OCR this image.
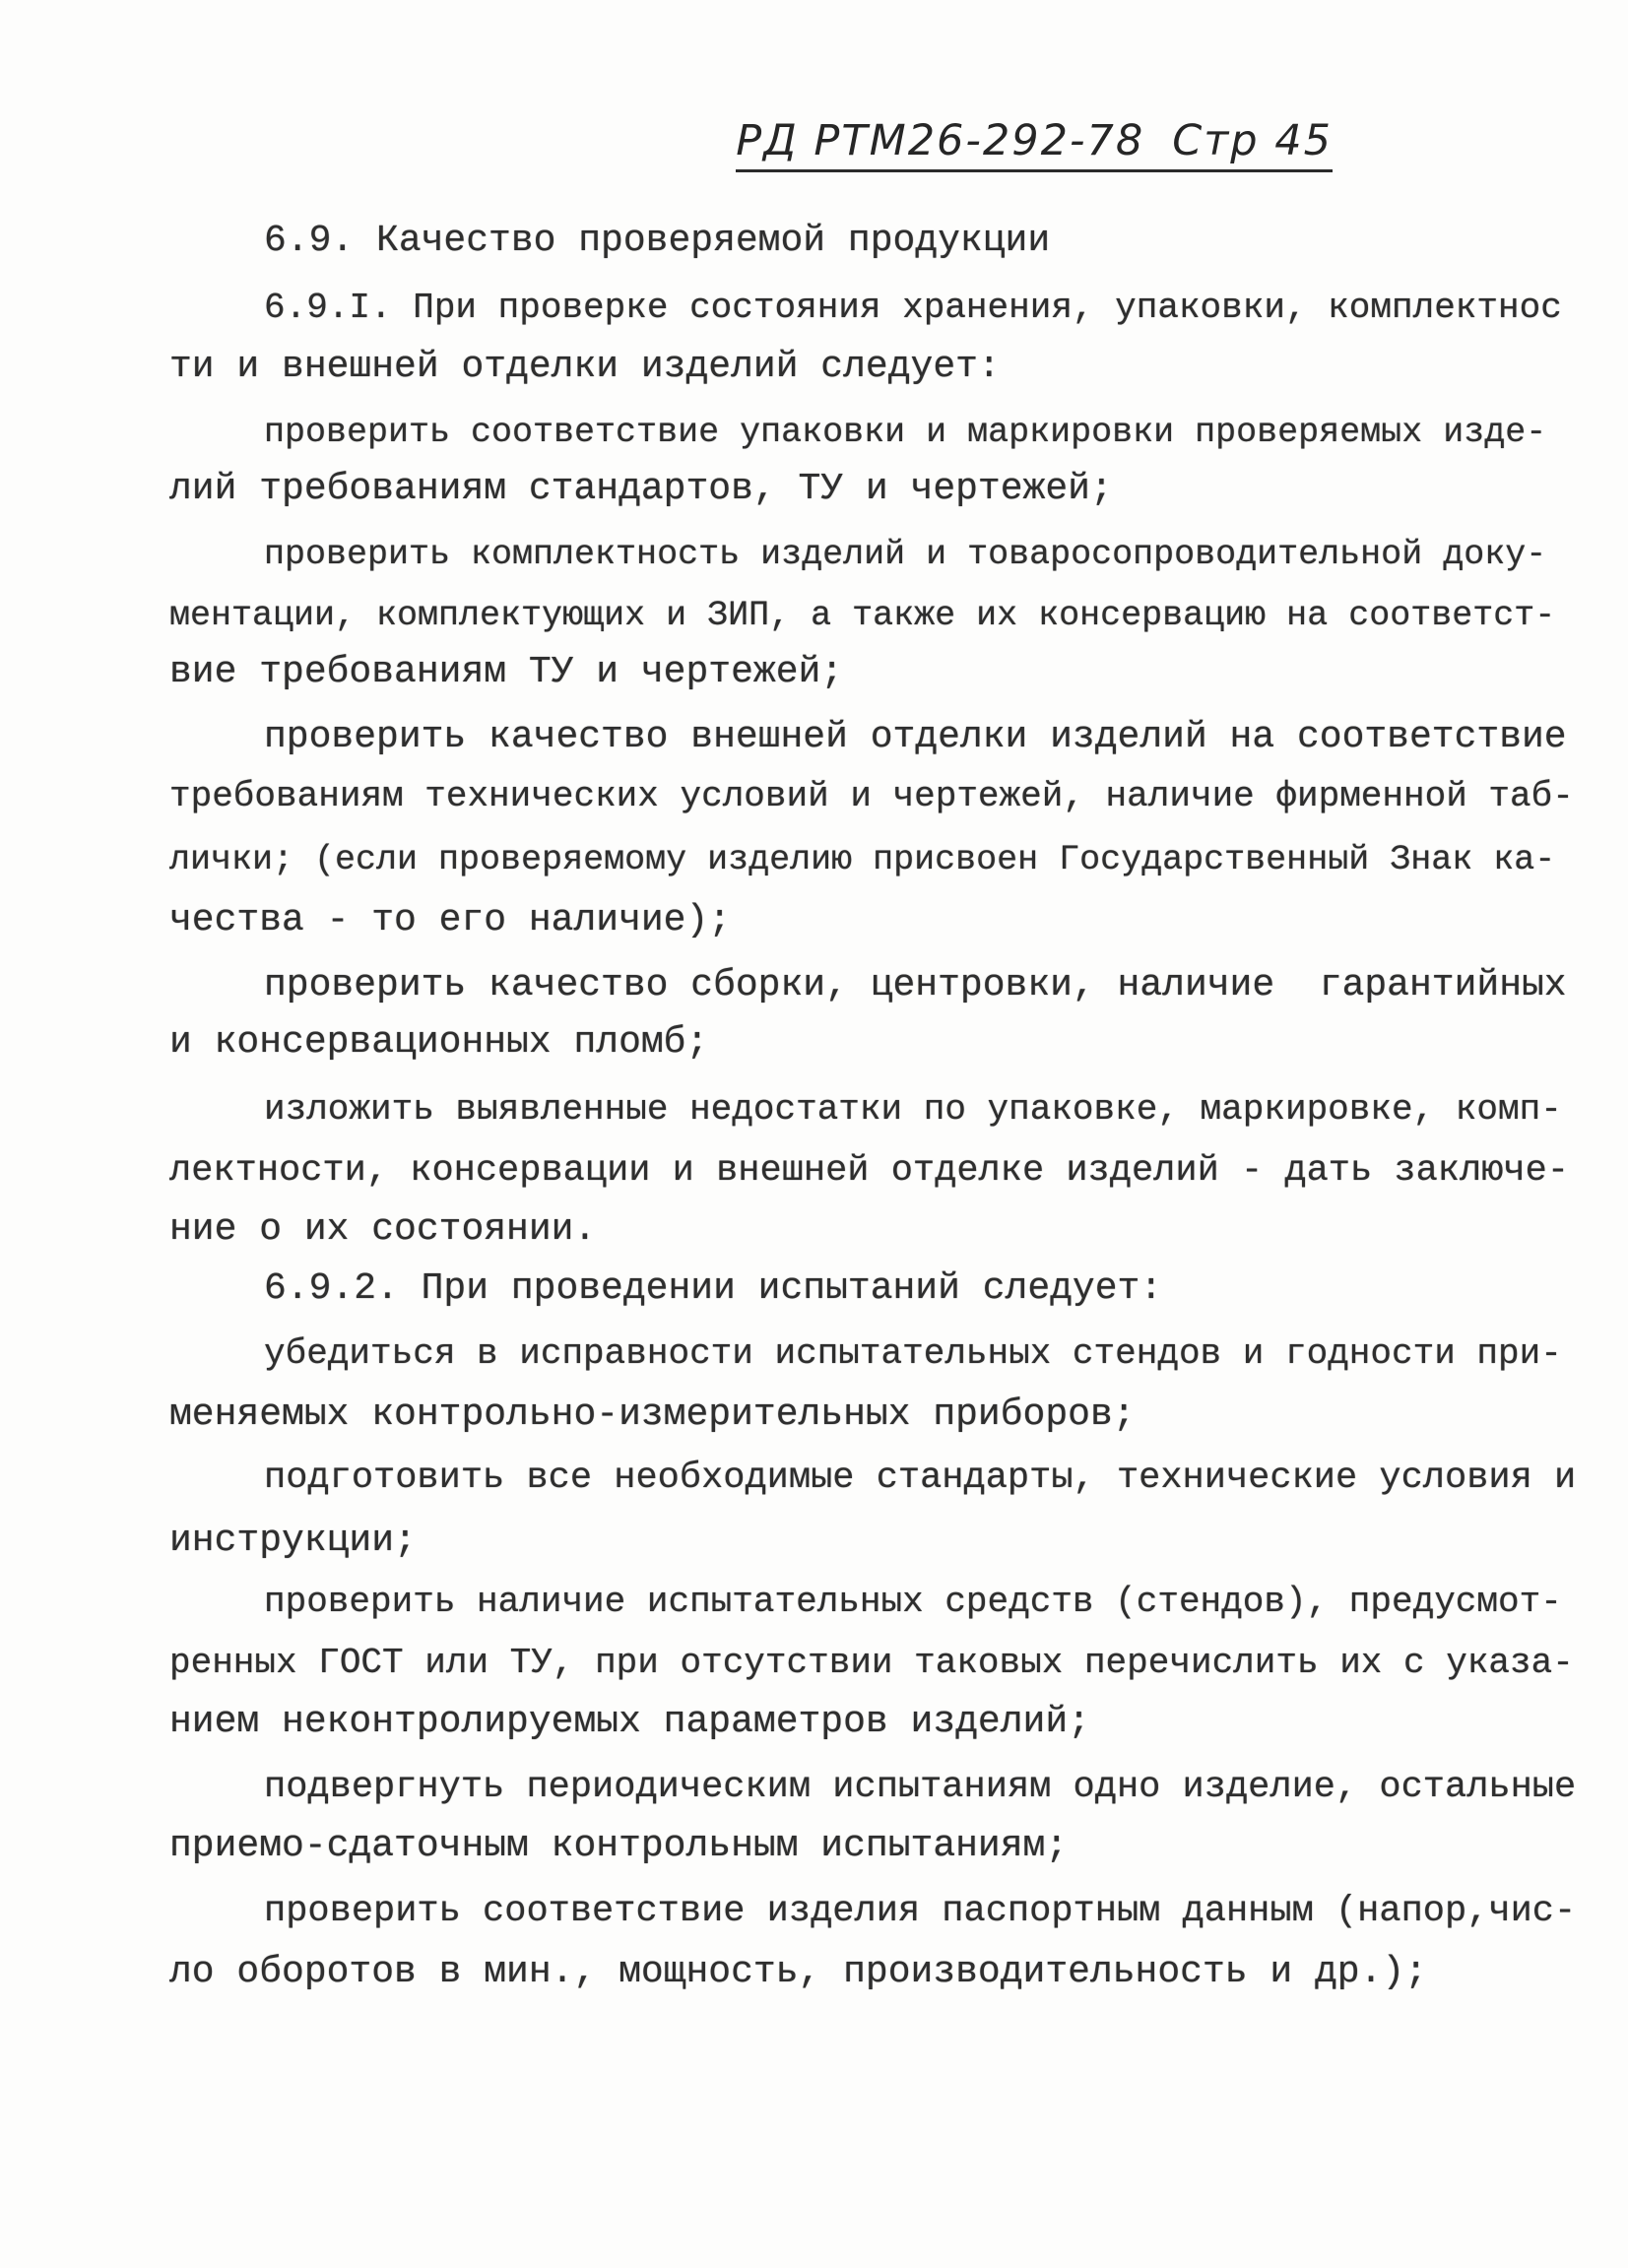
РД РТМ26-292-78 Стр 45
6.9. Качество проверяемой продукции
6.9.I. При проверке состояния хранения, упаковки, комплектнос
ти и внешней отделки изделий следует:
проверить соответствие упаковки и маркировки проверяемых изде-
лий требованиям стандартов, ТУ и чертежей;
проверить комплектность изделий и товаросопроводительной доку-
ментации, комплектующих и ЗИП, а также их консервацию на соответст-
вие требованиям ТУ и чертежей;
проверить качество внешней отделки изделий на соответствие
требованиям технических условий и чертежей, наличие фирменной таб-
лички; (если проверяемому изделию присвоен Государственный Знак ка-
чества - то его наличие);
проверить качество сборки, центровки, наличие  гарантийных
и консервационных пломб;
изложить выявленные недостатки по упаковке, маркировке, комп-
лектности, консервации и внешней отделке изделий - дать заключе-
ние о их состоянии.
6.9.2. При проведении испытаний следует:
убедиться в исправности испытательных стендов и годности при-
меняемых контрольно-измерительных приборов;
подготовить все необходимые стандарты, технические условия и
инструкции;
проверить наличие испытательных средств (стендов), предусмот-
ренных ГОСТ или ТУ, при отсутствии таковых перечислить их с указа-
нием неконтролируемых параметров изделий;
подвергнуть периодическим испытаниям одно изделие, остальные
приемо-сдаточным контрольным испытаниям;
проверить соответствие изделия паспортным данным (напор,чис-
ло оборотов в мин., мощность, производительность и др.);
